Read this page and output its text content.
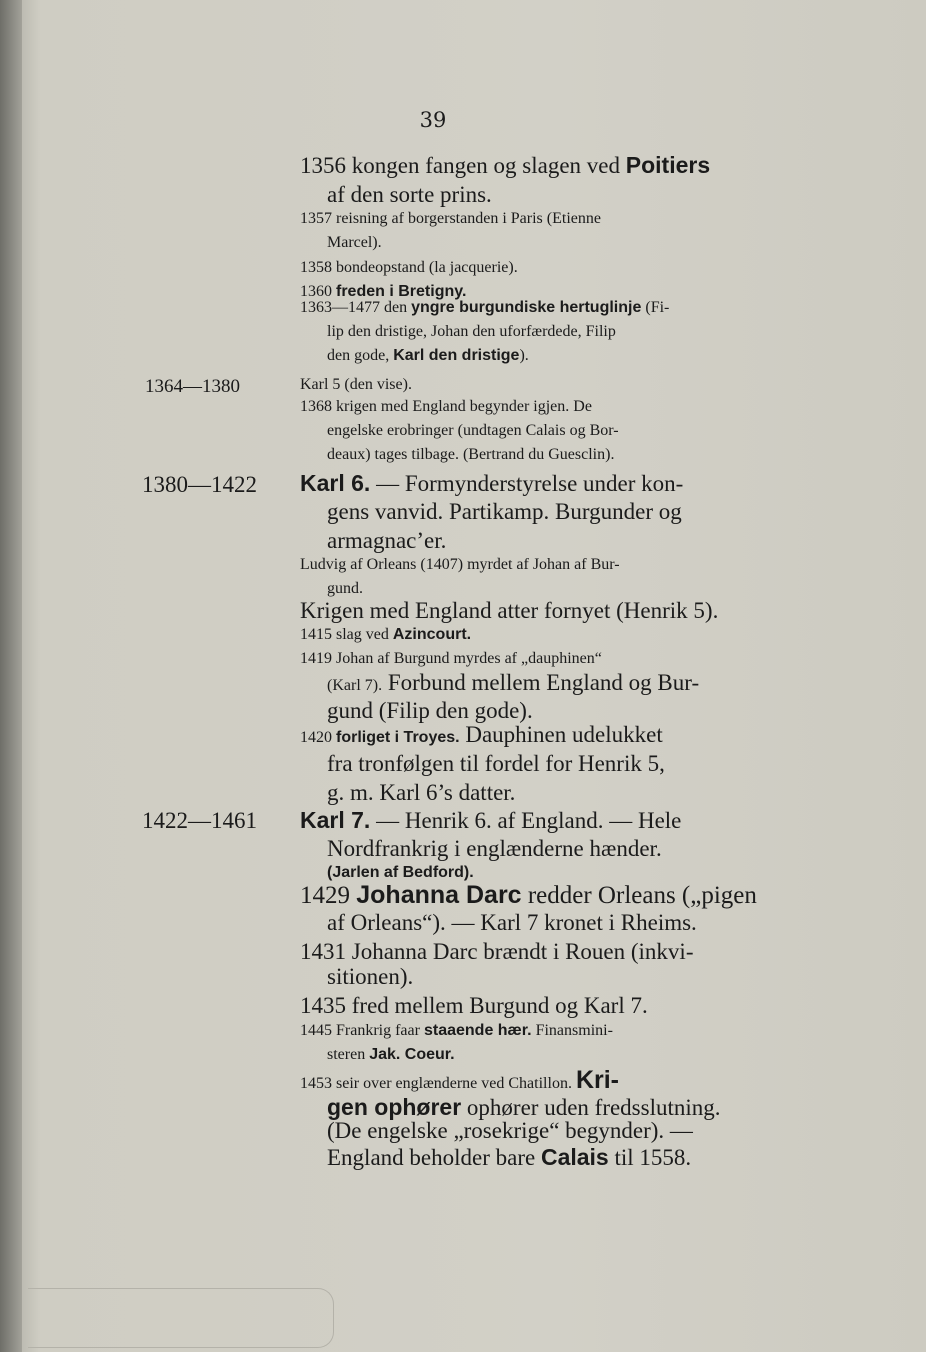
39
1364—1380
1380—1422
1422—1461
1356 kongen fangen og slagen ved Poitiers
af den sorte prins.
1357 reisning af borgerstanden i Paris (Etienne
Marcel).
1358 bondeopstand (la jacquerie).
1360 freden i Bretigny.
1363—1477 den yngre burgundiske hertuglinje (Fi-
lip den dristige, Johan den uforfærdede, Filip
den gode, Karl den dristige).
Karl 5 (den vise).
1368 krigen med England begynder igjen. De
engelske erobringer (undtagen Calais og Bor-
deaux) tages tilbage. (Bertrand du Guesclin).
Karl 6. — Formynderstyrelse under kon-
gens vanvid. Partikamp. Burgunder og
armagnac’er.
Ludvig af Orleans (1407) myrdet af Johan af Bur-
gund.
Krigen med England atter fornyet (Henrik 5).
1415 slag ved Azincourt.
1419 Johan af Burgund myrdes af „dauphinen“
(Karl 7). Forbund mellem England og Bur-
gund (Filip den gode).
1420 forliget i Troyes. Dauphinen udelukket
fra tronfølgen til fordel for Henrik 5,
g. m. Karl 6’s datter.
Karl 7. — Henrik 6. af England. — Hele
Nordfrankrig i englænderne hænder.
(Jarlen af Bedford).
1429 Johanna Darc redder Orleans („pigen
af Orleans“). — Karl 7 kronet i Rheims.
1431 Johanna Darc brændt i Rouen (inkvi-
sitionen).
1435 fred mellem Burgund og Karl 7.
1445 Frankrig faar staaende hær. Finansmini-
steren Jak. Coeur.
1453 seir over englænderne ved Chatillon. Kri-
gen ophører ophører uden fredsslutning.
(De engelske „rosekrige“ begynder). —
England beholder bare Calais til 1558.
